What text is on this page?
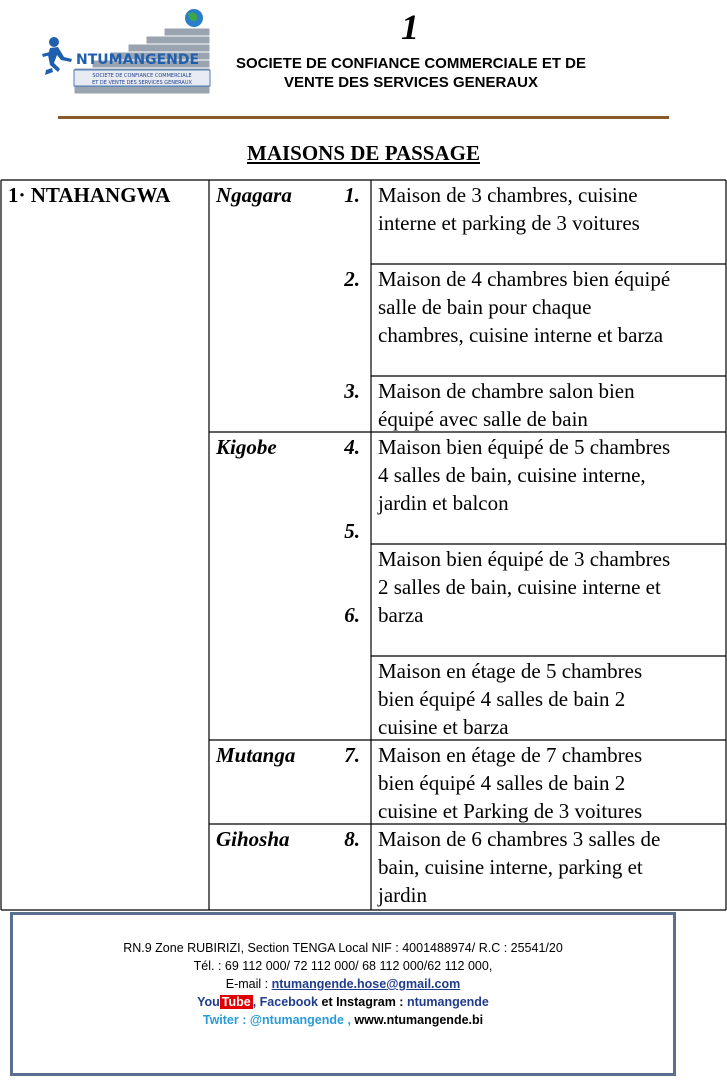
NTUMANGENDE
SOCIETE DE CONFIANCE COMMERCIALE
ET DE VENTE DES SERVICES GENERAUX
1
SOCIETE DE CONFIANCE COMMERCIALE ET DE
VENTE DES SERVICES GENERAUX
MAISONS DE PASSAGE
1· NTAHANGWA Ngagara
Kigobe
Mutanga
Gihosha
1.
2.
3.
4.
5.
6.
7.
8.
Maison de 3 chambres, cuisine
interne et parking de 3 voitures
Maison de 4 chambres bien équipé
salle de bain pour chaque
chambres, cuisine interne et barza
Maison de chambre salon bien
équipé avec salle de bain
Maison bien équipé de 5 chambres
4 salles de bain, cuisine interne,
jardin et balcon
Maison bien équipé de 3 chambres
2 salles de bain, cuisine interne et
barza
Maison en étage de 5 chambres
bien équipé 4 salles de bain 2
cuisine et barza
Maison en étage de 7 chambres
bien équipé 4 salles de bain 2
cuisine et Parking de 3 voitures
Maison de 6 chambres 3 salles de
bain, cuisine interne, parking et
jardin
RN.9 Zone RUBIRIZI, Section TENGA Local NIF : 4001488974/ R.C : 25541/20
Tél. : 69 112 000/ 72 112 000/ 68 112 000/62 112 000,
E-mail : ntumangende.hose@gmail.com
You Tube , Facebook et Instagram : ntumangende
Twiter : @ntumangende , www.ntumangende.bi
